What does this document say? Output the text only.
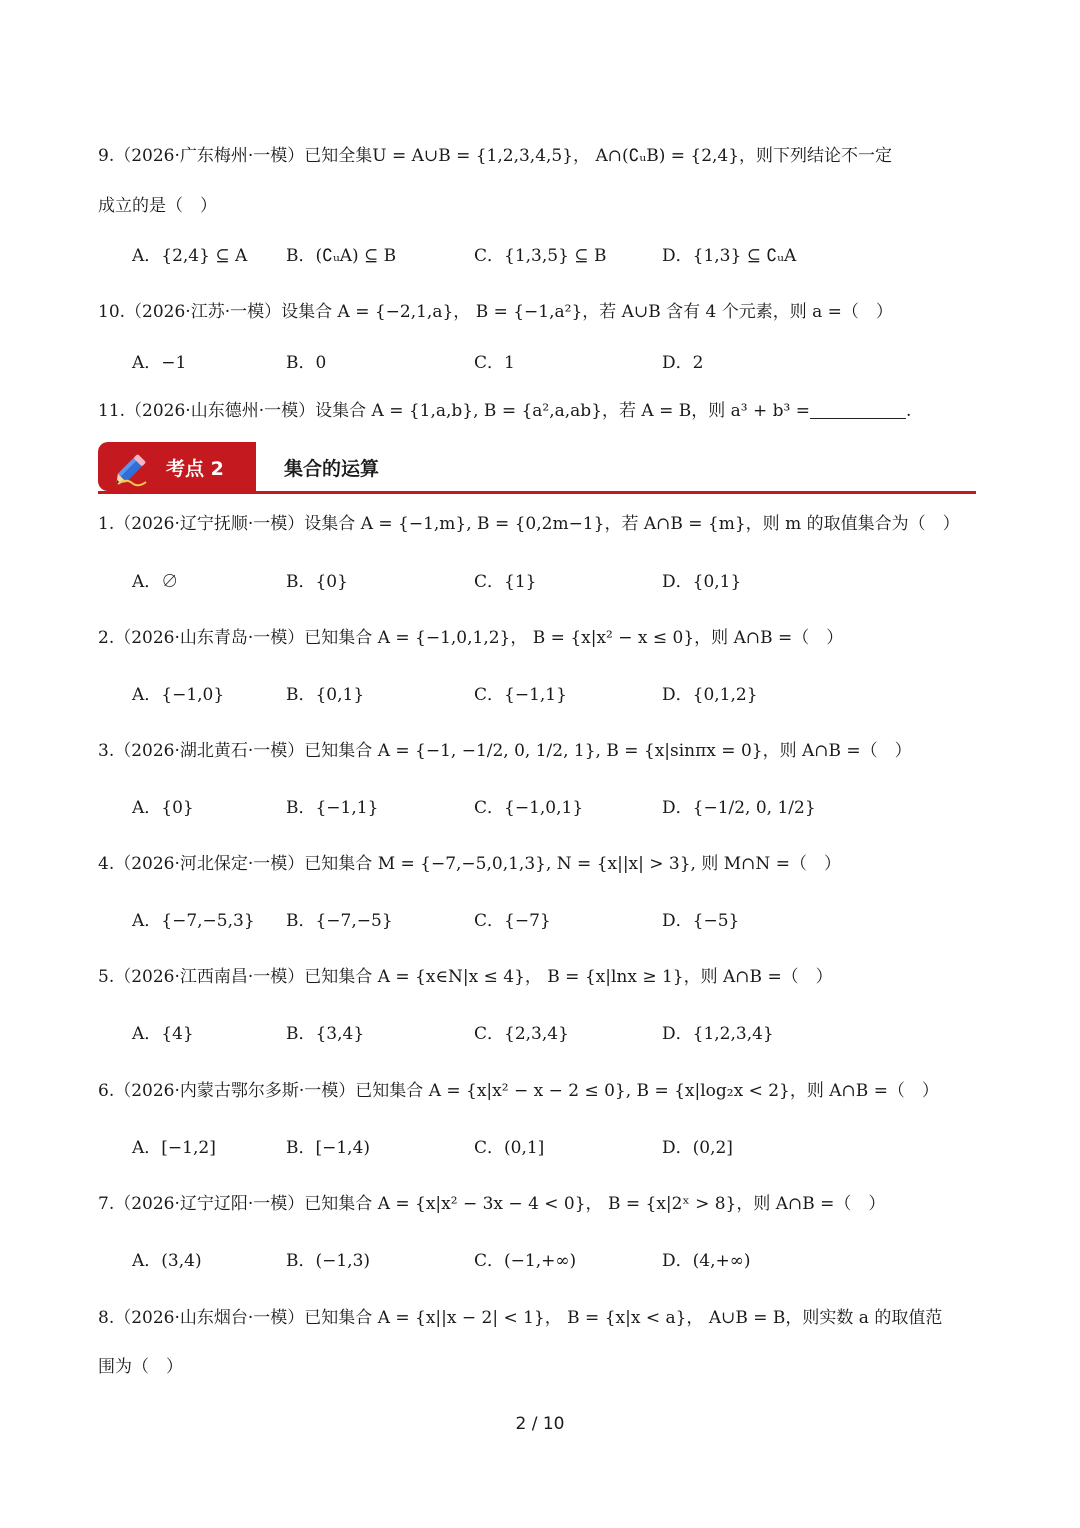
9.（2026·广东梅州·一模）已知全集U = A∪B = {1,2,3,4,5}， A∩(∁ᵤB) = {2,4}，则下列结论不一定
成立的是（　）
A．{2,4} ⊆ A B．(∁ᵤA) ⊆ B	C．{1,3,5} ⊆ B	D．{1,3} ⊆ ∁ᵤA
10.（2026·江苏·一模）设集合 A = {−2,1,a}， B = {−1,a²}，若 A∪B 含有 4 个元素，则 a =（　）
A．−1	B．0	C．1	D．2
11.（2026·山东德州·一模）设集合 A = {1,a,b}, B = {a²,a,ab}，若 A = B，则 a³ + b³ =	.
考点 2	集合的运算
1.（2026·辽宁抚顺·一模）设集合 A = {−1,m}, B = {0,2m−1}，若 A∩B = {m}，则 m 的取值集合为（　）
A．∅	B．{0}	C．{1}	D．{0,1}
2.（2026·山东青岛·一模）已知集合 A = {−1,0,1,2}， B = {x|x² − x ≤ 0}，则 A∩B =（　）
A．{−1,0}	B．{0,1}	C．{−1,1}	D．{0,1,2}
3.（2026·湖北黄石·一模）已知集合 A = {−1, −1/2, 0, 1/2, 1}, B = {x|sinπx = 0}，则 A∩B =（　）
A．{0}	B．{−1,1}	C．{−1,0,1}	D．{−1/2, 0, 1/2}
4.（2026·河北保定·一模）已知集合 M = {−7,−5,0,1,3}, N = {x||x| > 3}, 则 M∩N =（　）
A．{−7,−5,3} B．{−7,−5}	C．{−7}	D．{−5}
5.（2026·江西南昌·一模）已知集合 A = {x∈N|x ≤ 4}， B = {x|lnx ≥ 1}，则 A∩B =（　）
A．{4}	B．{3,4}	C．{2,3,4}	D．{1,2,3,4}
6.（2026·内蒙古鄂尔多斯·一模）已知集合 A = {x|x² − x − 2 ≤ 0}, B = {x|log₂x < 2}，则 A∩B =（　）
A．[−1,2]	B．[−1,4)	C．(0,1]	D．(0,2]
7.（2026·辽宁辽阳·一模）已知集合 A = {x|x² − 3x − 4 < 0}， B = {x|2ˣ > 8}，则 A∩B =（　）
A．(3,4)	B．(−1,3)	C．(−1,+∞)	D．(4,+∞)
8.（2026·山东烟台·一模）已知集合 A = {x||x − 2| < 1}， B = {x|x < a}， A∪B = B，则实数 a 的取值范
围为（　）
2 / 10
